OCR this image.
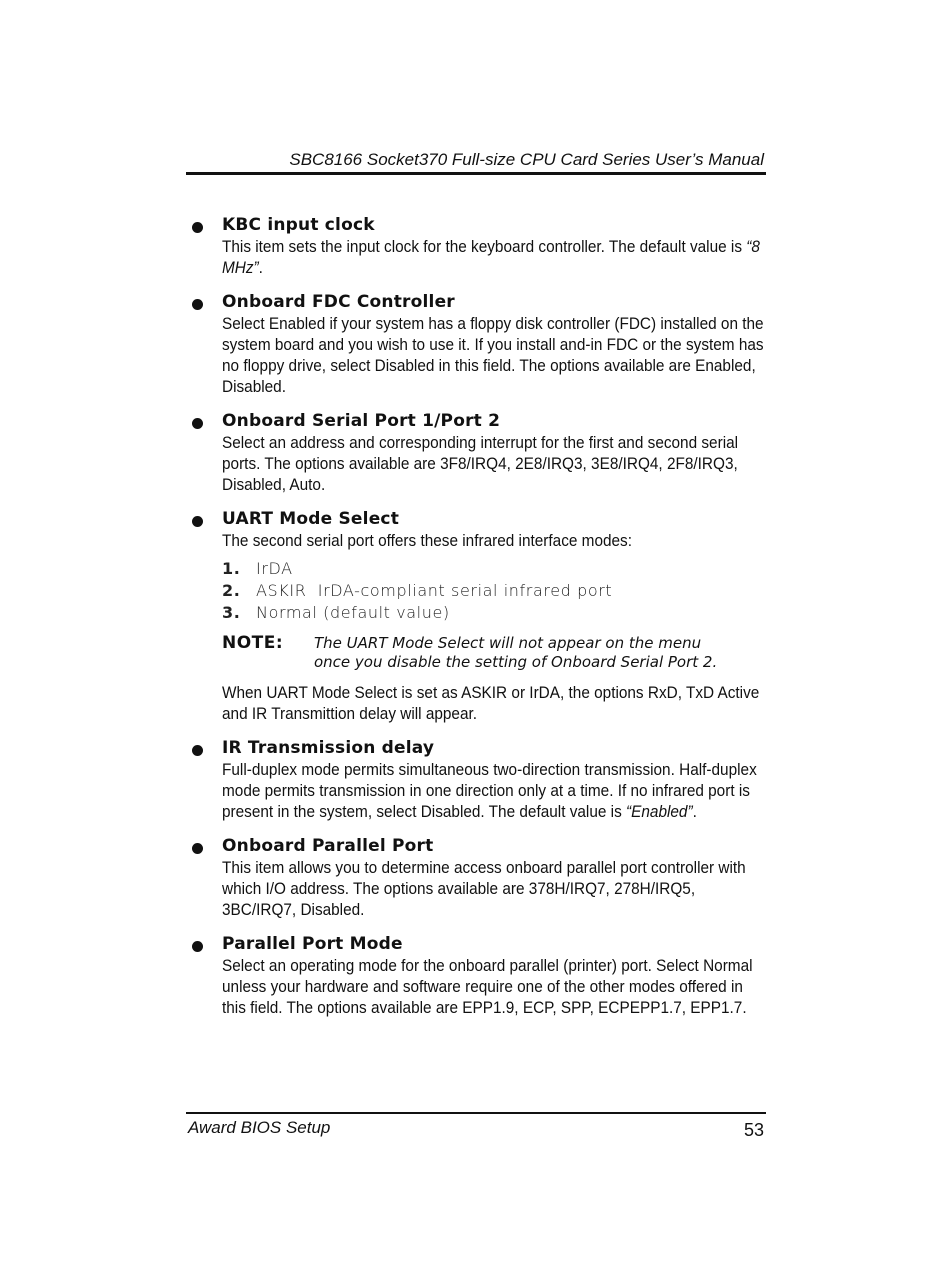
SBC8166 Socket370 Full-size CPU Card Series User’s Manual
KBC input clock
This item sets the input clock for the keyboard controller. The default value is “8 MHz”.
Onboard FDC Controller
Select Enabled if your system has a floppy disk controller (FDC) installed on the system board and you wish to use it. If you install and-in FDC or the system has no floppy drive, select Disabled in this field. The options available are Enabled, Disabled.
Onboard Serial Port 1/Port 2
Select an address and corresponding interrupt for the first and second serial ports. The options available are 3F8/IRQ4, 2E8/IRQ3, 3E8/IRQ4, 2F8/IRQ3, Disabled, Auto.
UART Mode Select
The second serial port offers these infrared interface modes:
1. IrDA
2. ASKIR  IrDA-compliant serial infrared port
3. Normal (default value)
NOTE:	The UART Mode Select will not appear on the menu once you disable the setting of Onboard Serial Port 2.
When UART Mode Select is set as ASKIR or IrDA, the options RxD, TxD Active and IR Transmittion delay will appear.
IR Transmission delay
Full-duplex mode permits simultaneous two-direction transmission. Half-duplex mode permits transmission in one direction only at a time. If no infrared port is present in the system, select Disabled. The default value is “Enabled”.
Onboard Parallel Port
This item allows you to determine access onboard parallel port controller with which I/O address. The options available are 378H/IRQ7, 278H/IRQ5, 3BC/IRQ7, Disabled.
Parallel Port Mode
Select an operating mode for the onboard parallel (printer) port. Select Normal unless your hardware and software require one of the other modes offered in this field. The options available are EPP1.9, ECP, SPP, ECPEPP1.7, EPP1.7.
Award BIOS Setup	53
